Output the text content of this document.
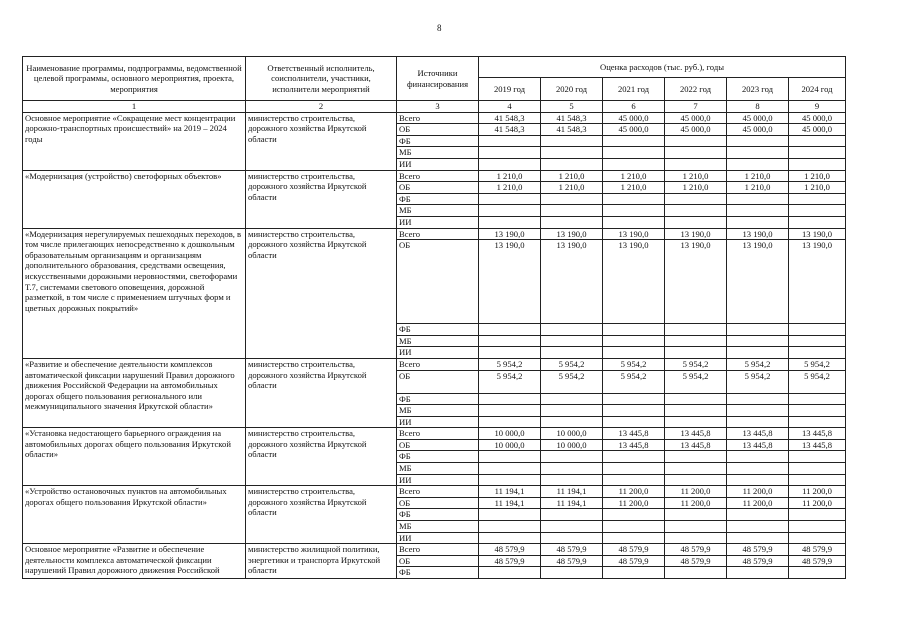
8
Наименование программы, подпрограммы, ведомственной целевой программы, основного мероприятия, проекта, мероприятия	Ответственный исполнитель, соисполнители, участники, исполнители мероприятий	Источники финансирования	Оценка расходов (тыс. руб.), годы					
			2019 год	2020 год	2021 год	2022 год	2023 год	2024 год
1	2	3	4	5	6	7	8	9
Основное мероприятие «Сокращение мест концентрации дорожно-транспортных происшествий» на 2019 – 2024 годы	министерство строительства, дорожного хозяйства Иркутской области	Всего	41 548,3	41 548,3	45 000,0	45 000,0	45 000,0	45 000,0
		ОБ	41 548,3	41 548,3	45 000,0	45 000,0	45 000,0	45 000,0
		ФБ						
		МБ						
		ИИ						
«Модернизация (устройство) светофорных объектов»	министерство строительства, дорожного хозяйства Иркутской области	Всего	1 210,0	1 210,0	1 210,0	1 210,0	1 210,0	1 210,0
		ОБ	1 210,0	1 210,0	1 210,0	1 210,0	1 210,0	1 210,0
		ФБ						
		МБ						
		ИИ						
«Модернизация нерегулируемых пешеходных переходов, в том числе прилегающих непосредственно к дошкольным образовательным организациям и организациям дополнительного образования, средствами освещения, искусственными дорожными неровностями, светофорами Т.7, системами светового оповещения, дорожной разметкой, в том числе с применением штучных форм и цветных дорожных покрытий»	министерство строительства, дорожного хозяйства Иркутской области	Всего	13 190,0	13 190,0	13 190,0	13 190,0	13 190,0	13 190,0
		ОБ	13 190,0	13 190,0	13 190,0	13 190,0	13 190,0	13 190,0
		ФБ						
		МБ						
		ИИ						
«Развитие и обеспечение деятельности комплексов автоматической фиксации нарушений Правил дорожного движения Российской Федерации на автомобильных дорогах общего пользования регионального или межмуниципального значения Иркутской области»	министерство строительства, дорожного хозяйства Иркутской области	Всего	5 954,2	5 954,2	5 954,2	5 954,2	5 954,2	5 954,2
		ОБ	5 954,2	5 954,2	5 954,2	5 954,2	5 954,2	5 954,2
		ФБ						
		МБ						
		ИИ						
«Установка недостающего барьерного ограждения на автомобильных дорогах общего пользования Иркутской области»	министерство строительства, дорожного хозяйства Иркутской области	Всего	10 000,0	10 000,0	13 445,8	13 445,8	13 445,8	13 445,8
		ОБ	10 000,0	10 000,0	13 445,8	13 445,8	13 445,8	13 445,8
		ФБ						
		МБ						
		ИИ						
«Устройство остановочных пунктов на автомобильных дорогах общего пользования Иркутской области»	министерство строительства, дорожного хозяйства Иркутской области	Всего	11 194,1	11 194,1	11 200,0	11 200,0	11 200,0	11 200,0
		ОБ	11 194,1	11 194,1	11 200,0	11 200,0	11 200,0	11 200,0
		ФБ						
		МБ						
		ИИ						
Основное мероприятие «Развитие и обеспечение деятельности комплекса автоматической фиксации нарушений Правил дорожного движения Российской	министерство жилищной политики, энергетики и транспорта Иркутской области	Всего	48 579,9	48 579,9	48 579,9	48 579,9	48 579,9	48 579,9
		ОБ	48 579,9	48 579,9	48 579,9	48 579,9	48 579,9	48 579,9
		ФБ						
